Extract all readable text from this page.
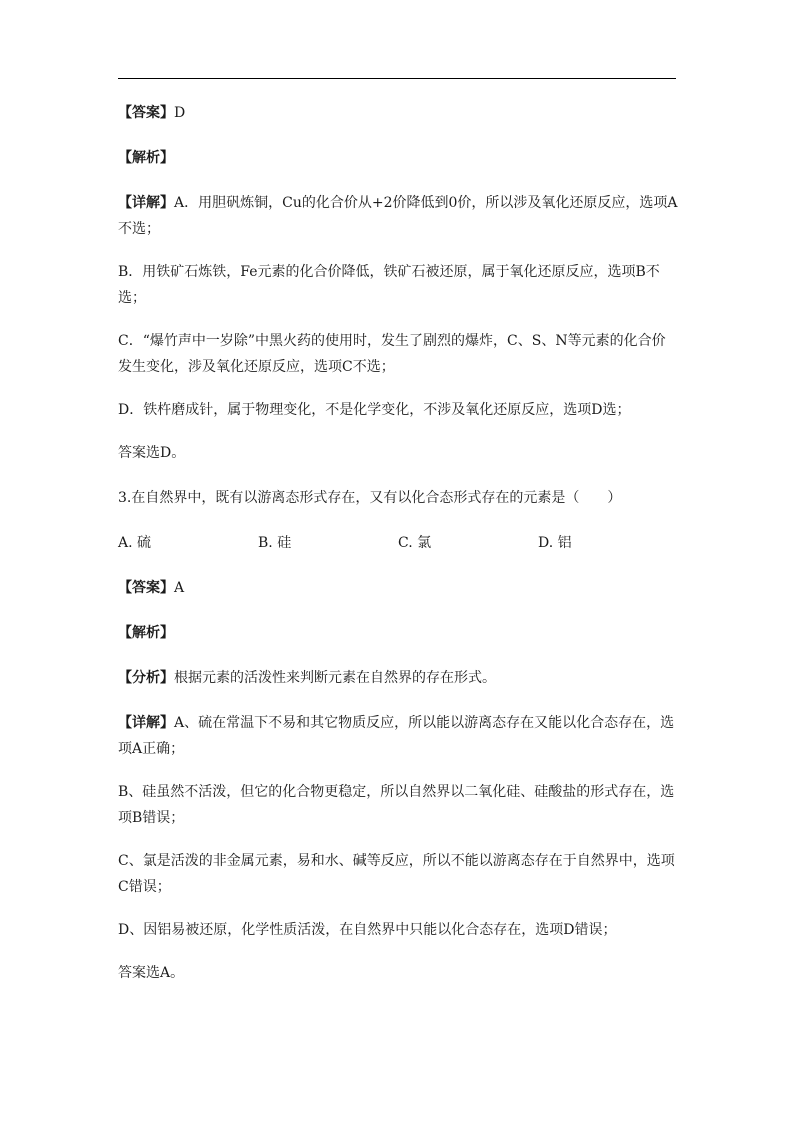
【答案】D

【解析】

【详解】A．用胆矾炼铜，Cu的化合价从+2价降低到0价，所以涉及氧化还原反应，选项A不选；

B．用铁矿石炼铁，Fe元素的化合价降低，铁矿石被还原，属于氧化还原反应，选项B不选；

C．“爆竹声中一岁除”中黑火药的使用时，发生了剧烈的爆炸，C、S、N等元素的化合价发生变化，涉及氧化还原反应，选项C不选；

D．铁杵磨成针，属于物理变化，不是化学变化，不涉及氧化还原反应，选项D选；

答案选D。

3.在自然界中，既有以游离态形式存在，又有以化合态形式存在的元素是（　　）

A. 硫	B. 硅	C. 氯	D. 铝

【答案】A

【解析】

【分析】根据元素的活泼性来判断元素在自然界的存在形式。

【详解】A、硫在常温下不易和其它物质反应，所以能以游离态存在又能以化合态存在，选项A正确；

B、硅虽然不活泼，但它的化合物更稳定，所以自然界以二氧化硅、硅酸盐的形式存在，选项B错误；

C、氯是活泼的非金属元素，易和水、碱等反应，所以不能以游离态存在于自然界中，选项C错误；

D、因铝易被还原，化学性质活泼，在自然界中只能以化合态存在，选项D错误；

答案选A。
